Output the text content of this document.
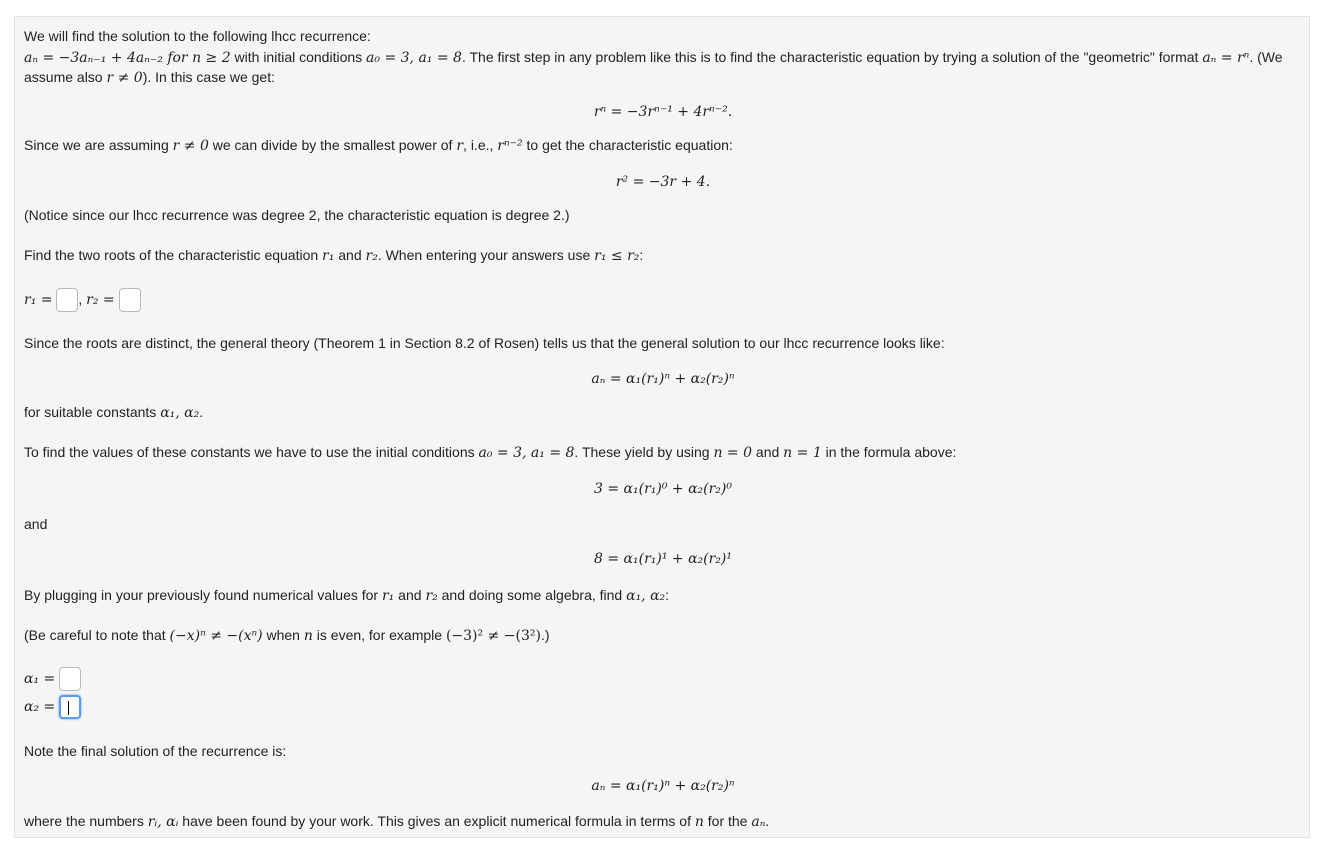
We will find the solution to the following lhcc recurrence:
aₙ = −3aₙ₋₁ + 4aₙ₋₂ for n ≥ 2 with initial conditions a₀ = 3, a₁ = 8. The first step in any problem like this is to find the characteristic equation by trying a solution of the "geometric" format aₙ = rⁿ. (We
assume also r ≠ 0). In this case we get:
rⁿ = −3rⁿ⁻¹ + 4rⁿ⁻².
Since we are assuming r ≠ 0 we can divide by the smallest power of r, i.e., rⁿ⁻² to get the characteristic equation:
r² = −3r + 4.
(Notice since our lhcc recurrence was degree 2, the characteristic equation is degree 2.)
Find the two roots of the characteristic equation r₁ and r₂. When entering your answers use r₁ ≤ r₂:
r₁ = , r₂ =
Since the roots are distinct, the general theory (Theorem 1 in Section 8.2 of Rosen) tells us that the general solution to our lhcc recurrence looks like:
aₙ = α₁(r₁)ⁿ + α₂(r₂)ⁿ
for suitable constants α₁, α₂.
To find the values of these constants we have to use the initial conditions a₀ = 3, a₁ = 8. These yield by using n = 0 and n = 1 in the formula above:
3 = α₁(r₁)⁰ + α₂(r₂)⁰
and
8 = α₁(r₁)¹ + α₂(r₂)¹
By plugging in your previously found numerical values for r₁ and r₂ and doing some algebra, find α₁, α₂:
(Be careful to note that (−x)ⁿ ≠ −(xⁿ) when n is even, for example (−3)² ≠ −(3²).)
α₁ =
α₂ =
Note the final solution of the recurrence is:
aₙ = α₁(r₁)ⁿ + α₂(r₂)ⁿ
where the numbers rᵢ, αᵢ have been found by your work. This gives an explicit numerical formula in terms of n for the aₙ.
